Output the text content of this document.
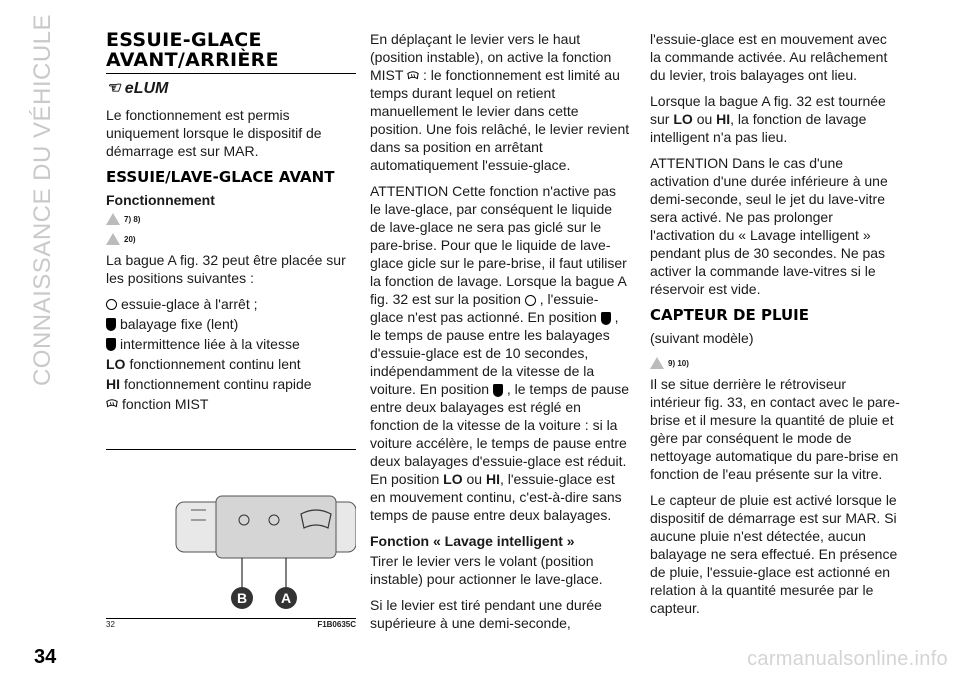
CONNAISSANCE DU VÉHICULE	ESSUIE-GLACE AVANT/ARRIÈRE
☜ eLUM

Le fonctionnement est permis uniquement lorsque le dispositif de démarrage est sur MAR.

ESSUIE/LAVE-GLACE AVANT
Fonctionnement
7) 8)
20)

La bague A fig. 32 peut être placée sur les positions suivantes :

essuie-glace à l'arrêt ;
balayage fixe (lent)
intermittence liée à la vitesse
LO fonctionnement continu lent
HI fonctionnement continu rapide
fonction MIST
B A
32	F1B0635C

En déplaçant le levier vers le haut (position instable), on active la fonction MIST : le fonctionnement est limité au temps durant lequel on retient manuellement le levier dans cette position. Une fois relâché, le levier revient dans sa position en arrêtant automatiquement l'essuie-glace.

ATTENTION Cette fonction n'active pas le lave-glace, par conséquent le liquide de lave-glace ne sera pas giclé sur le pare-brise. Pour que le liquide de lave-glace gicle sur le pare-brise, il faut utiliser la fonction de lavage. Lorsque la bague A fig. 32 est sur la position , l'essuie-glace n'est pas actionné. En position , le temps de pause entre les balayages d'essuie-glace est de 10 secondes, indépendamment de la vitesse de la voiture. En position , le temps de pause entre deux balayages est réglé en fonction de la vitesse de la voiture : si la voiture accélère, le temps de pause entre deux balayages d'essuie-glace est réduit. En position LO ou HI, l'essuie-glace est en mouvement continu, c'est-à-dire sans temps de pause entre deux balayages.

Fonction « Lavage intelligent »

Tirer le levier vers le volant (position instable) pour actionner le lave-glace.

Si le levier est tiré pendant une durée supérieure à une demi-seconde,

l'essuie-glace est en mouvement avec la commande activée. Au relâchement du levier, trois balayages ont lieu.

Lorsque la bague A fig. 32 est tournée sur LO ou HI, la fonction de lavage intelligent n'a pas lieu.

ATTENTION Dans le cas d'une activation d'une durée inférieure à une demi-seconde, seul le jet du lave-vitre sera activé. Ne pas prolonger l'activation du « Lavage intelligent » pendant plus de 30 secondes. Ne pas activer la commande lave-vitres si le réservoir est vide.

CAPTEUR DE PLUIE

(suivant modèle)

9) 10)

Il se situe derrière le rétroviseur intérieur fig. 33, en contact avec le pare-brise et il mesure la quantité de pluie et gère par conséquent le mode de nettoyage automatique du pare-brise en fonction de l'eau présente sur la vitre.

Le capteur de pluie est activé lorsque le dispositif de démarrage est sur MAR. Si aucune pluie n'est détectée, aucun balayage ne sera effectué. En présence de pluie, l'essuie-glace est actionné en relation à la quantité mesurée par le capteur.

34	carmanualsonline.info
